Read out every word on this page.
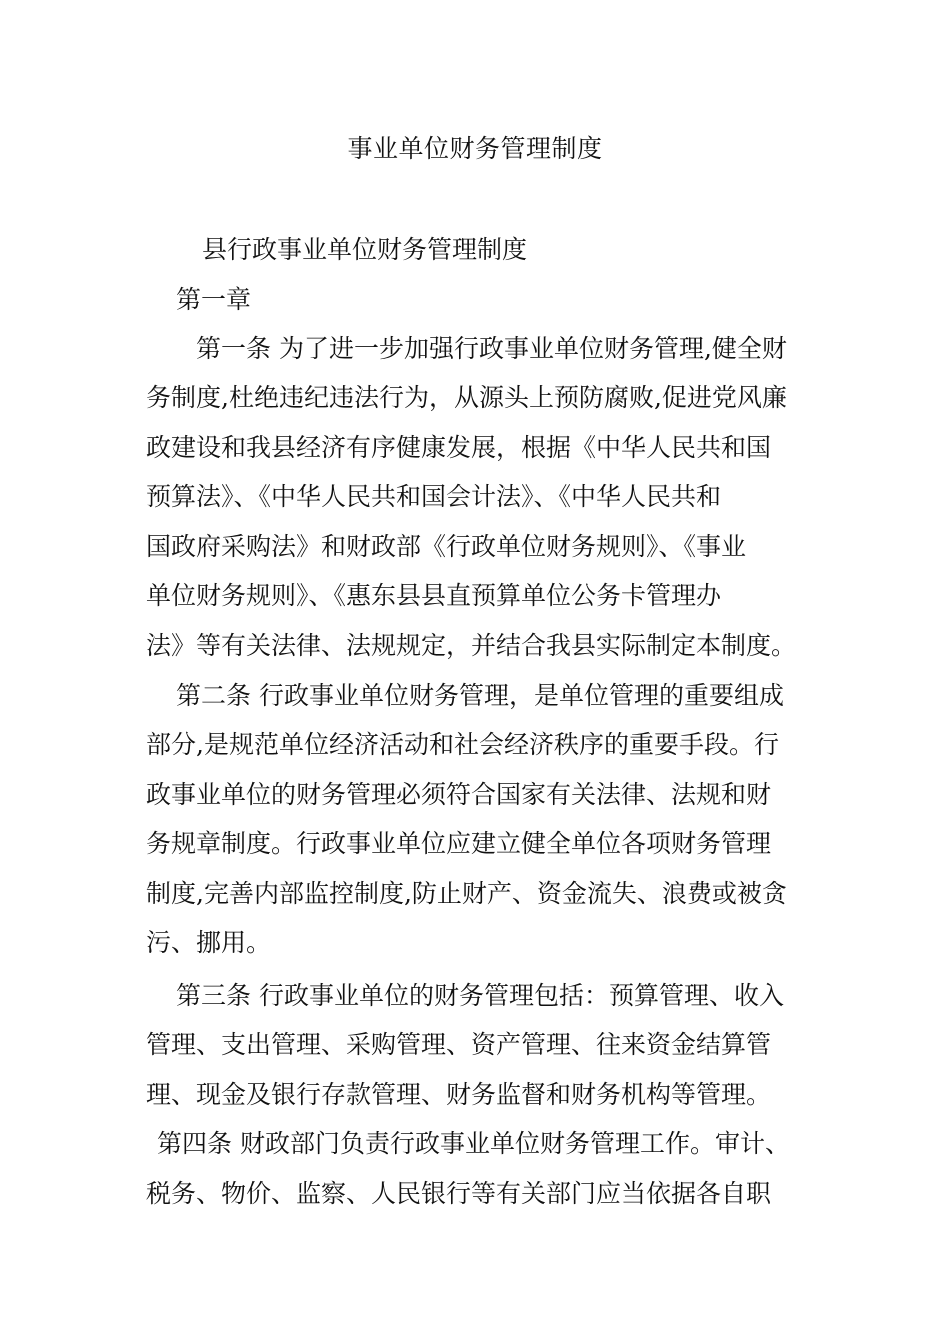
事业单位财务管理制度
县行政事业单位财务管理制度
第一章
第一条 为了进一步加强行政事业单位财务管理,健全财
务制度,杜绝违纪违法行为，从源头上预防腐败,促进党风廉
政建设和我县经济有序健康发展，根据《中华人民共和国
预算法》、《中华人民共和国会计法》、《中华人民共和
国政府采购法》和财政部《行政单位财务规则》、《事业
单位财务规则》、《惠东县县直预算单位公务卡管理办
法》等有关法律、法规规定，并结合我县实际制定本制度。
第二条 行政事业单位财务管理，是单位管理的重要组成
部分,是规范单位经济活动和社会经济秩序的重要手段。行
政事业单位的财务管理必须符合国家有关法律、法规和财
务规章制度。行政事业单位应建立健全单位各项财务管理
制度,完善内部监控制度,防止财产、资金流失、浪费或被贪
污、挪用。
第三条 行政事业单位的财务管理包括：预算管理、收入
管理、支出管理、采购管理、资产管理、往来资金结算管
理、现金及银行存款管理、财务监督和财务机构等管理。
第四条 财政部门负责行政事业单位财务管理工作。审计、
税务、物价、监察、人民银行等有关部门应当依据各自职
